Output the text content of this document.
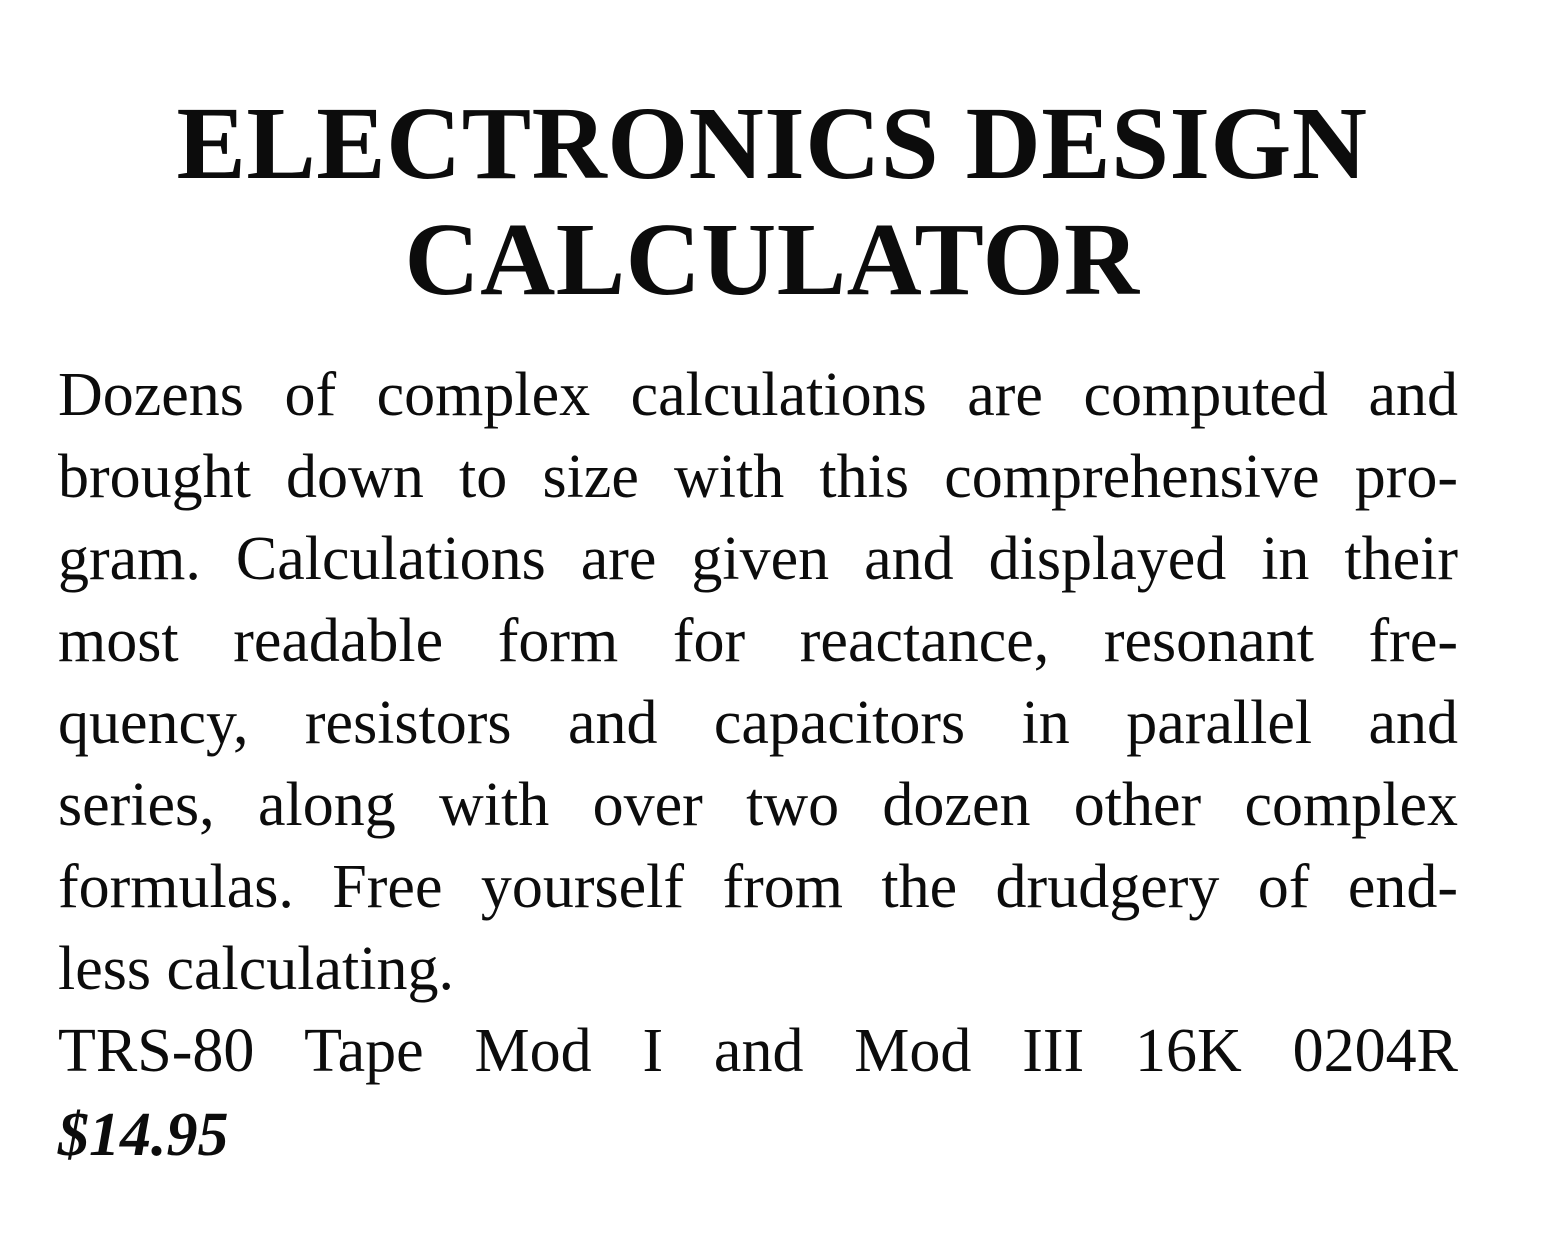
ELECTRONICS DESIGN
CALCULATOR
Dozens of complex calculations are computed and
brought down to size with this comprehensive pro-
gram. Calculations are given and displayed in their
most readable form for reactance, resonant fre-
quency, resistors and capacitors in parallel and
series, along with over two dozen other complex
formulas. Free yourself from the drudgery of end-
less calculating.
TRS-80 Tape Mod I and Mod III 16K 0204R
$14.95
